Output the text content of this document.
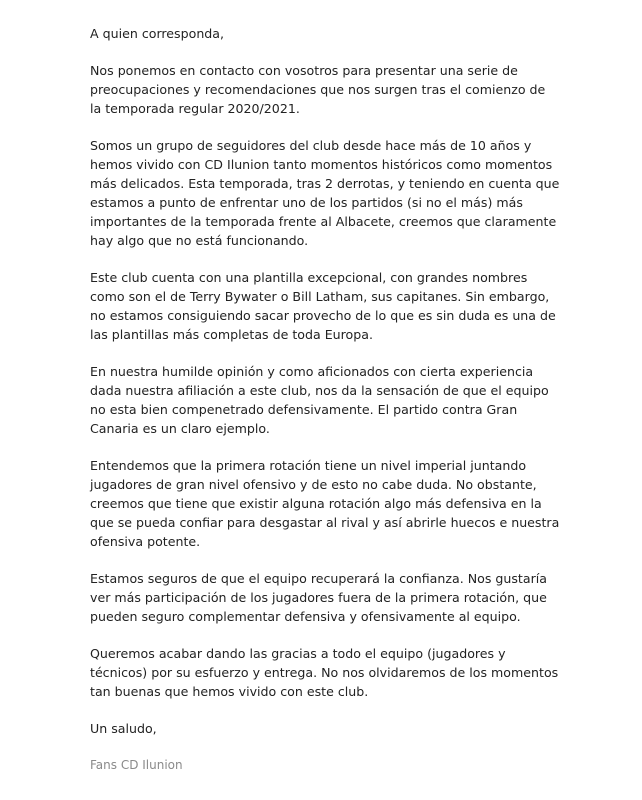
A quien corresponda,

Nos ponemos en contacto con vosotros para presentar una serie de preocupaciones y recomendaciones que nos surgen tras el comienzo de la temporada regular 2020/2021.

Somos un grupo de seguidores del club desde hace más de 10 años y hemos vivido con CD Ilunion tanto momentos históricos como momentos más delicados. Esta temporada, tras 2 derrotas, y teniendo en cuenta que estamos a punto de enfrentar uno de los partidos (si no el más) más importantes de la temporada frente al Albacete, creemos que claramente hay algo que no está funcionando.

Este club cuenta con una plantilla excepcional, con grandes nombres como son el de Terry Bywater o Bill Latham, sus capitanes. Sin embargo, no estamos consiguiendo sacar provecho de lo que es sin duda es una de las plantillas más completas de toda Europa.

En nuestra humilde opinión y como aficionados con cierta experiencia dada nuestra afiliación a este club, nos da la sensación de que el equipo no esta bien compenetrado defensivamente. El partido contra Gran Canaria es un claro ejemplo.

Entendemos que la primera rotación tiene un nivel imperial juntando jugadores de gran nivel ofensivo y de esto no cabe duda. No obstante, creemos que tiene que existir alguna rotación algo más defensiva en la que se pueda confiar para desgastar al rival y así abrirle huecos e nuestra ofensiva potente.

Estamos seguros de que el equipo recuperará la confianza. Nos gustaría ver más participación de los jugadores fuera de la primera rotación, que pueden seguro complementar defensiva y ofensivamente al equipo.

Queremos acabar dando las gracias a todo el equipo (jugadores y técnicos) por su esfuerzo y entrega. No nos olvidaremos de los momentos tan buenas que hemos vivido con este club.

Un saludo,

Fans CD Ilunion
